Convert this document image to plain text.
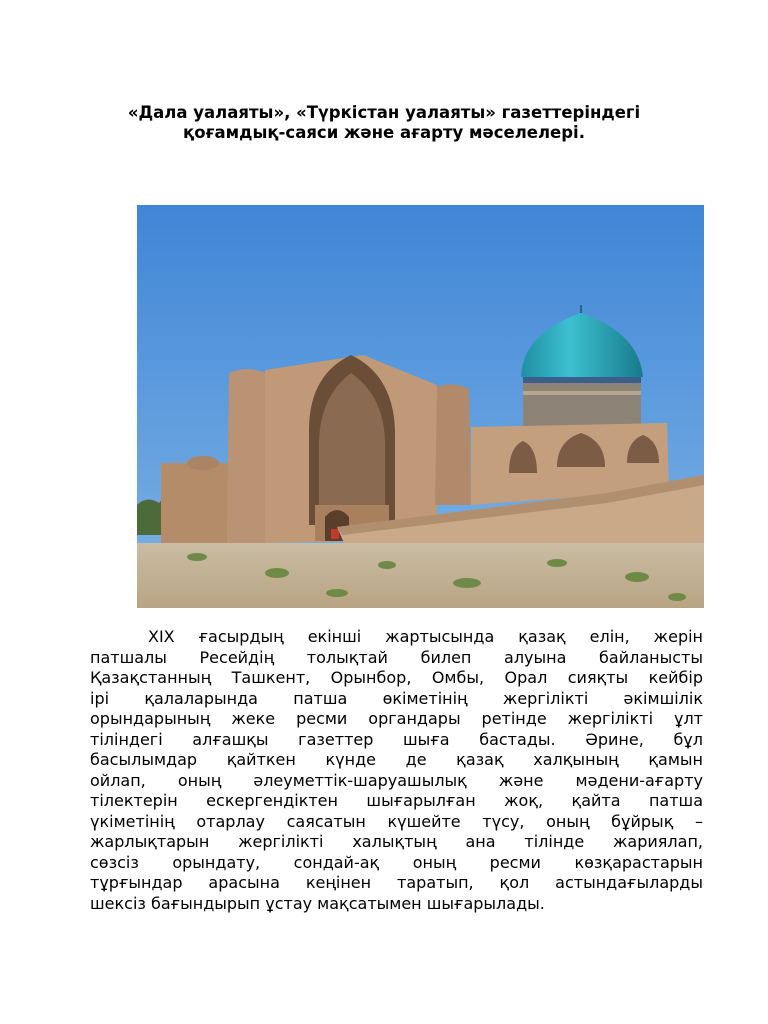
«Дала уалаяты», «Түркістан уалаяты» газеттеріндегі
қоғамдық-саяси және ағарту мәселелері.
XIX ғасырдың екінші жартысында қазақ елін, жерін
патшалы Ресейдің толықтай билеп алуына байланысты
Қазақстанның Ташкент, Орынбор, Омбы, Орал сияқты кейбір
ірі қалаларында патша өкіметінің жергілікті әкімшілік
орындарының жеке ресми органдары ретінде жергілікті ұлт
тіліндегі алғашқы газеттер шыға бастады. Әрине, бұл
басылымдар қайткен күнде де қазақ халқының қамын
ойлап, оның әлеуметтік-шаруашылық және мәдени-ағарту
тілектерін ескергендіктен шығарылған жоқ, қайта патша
үкіметінің отарлау саясатын күшейте түсу, оның бұйрық –
жарлықтарын жергілікті халықтың ана тілінде жариялап,
сөзсіз орындату, сондай-ақ оның ресми көзқарастарын
тұрғындар арасына кеңінен таратып, қол астындағыларды
шексіз бағындырып ұстау мақсатымен шығарылады.
